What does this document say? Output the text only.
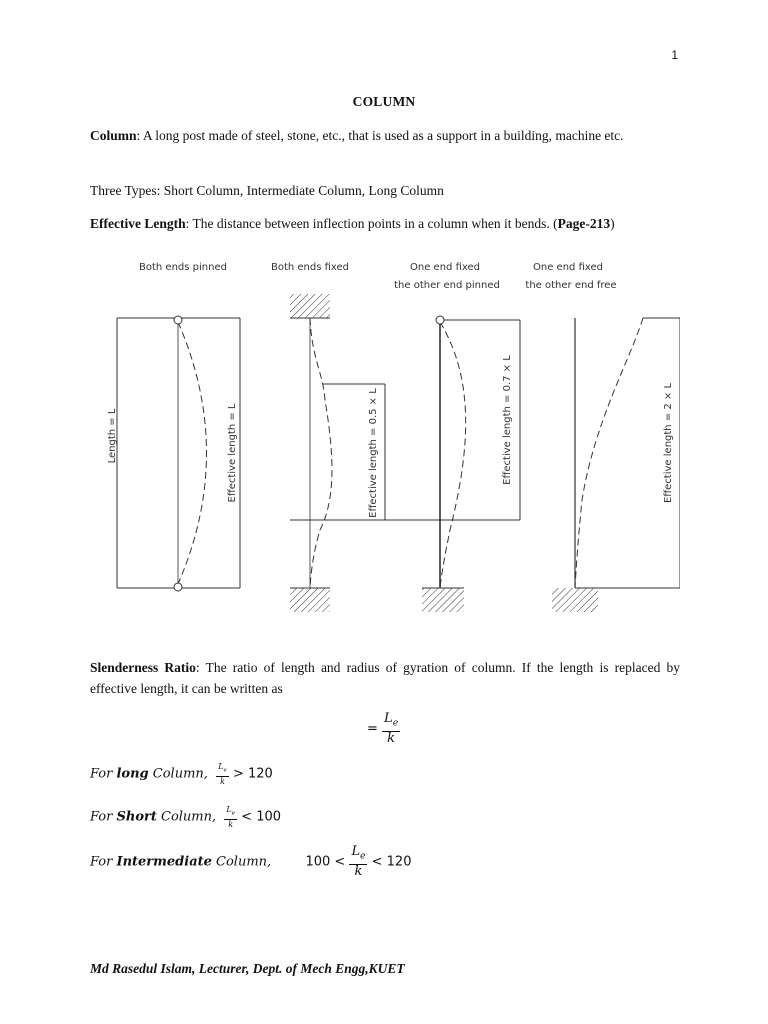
1
COLUMN
Column: A long post made of steel, stone, etc., that is used as a support in a building, machine etc.
Three Types: Short Column, Intermediate Column, Long Column
Effective Length: The distance between inflection points in a column when it bends. (Page-213)
Both ends pinned	Both ends fixed	One end fixed
the other end pinned
One end fixed
the other end free
Length = L	Effective length = L	Effective length = 0.5 × L	Effective length = 0.7 × L	Effective length = 2 × L
Slenderness Ratio: The ratio of length and radius of gyration of column. If the length is replaced by effective length, it can be written as
= $\frac{L_e}{k}$
For long Column, $\frac{L_e}{k} > 120$
For Short Column, $\frac{L_e}{k} < 100$
For Intermediate Column,	$100 < \frac{L_e}{k} < 120$
Md Rasedul Islam, Lecturer, Dept. of Mech Engg,KUET
